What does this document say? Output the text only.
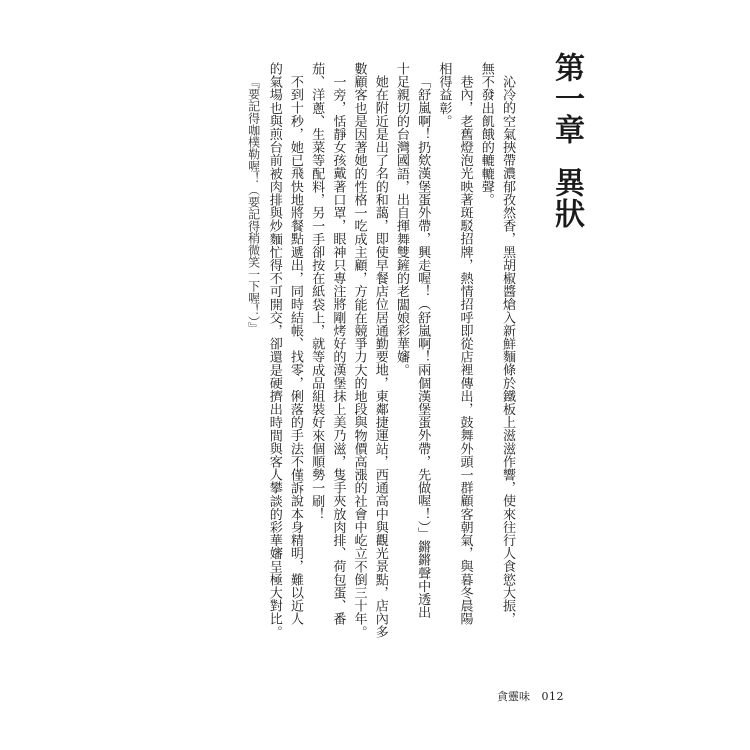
第一章異狀
沁冷的空氣挾帶濃郁孜然香，黑胡椒醬熗入新鮮麵條於鐵板上滋滋作響，使來往行人食慾大振，
無不發出飢餓的轆轆聲。
巷內，老舊燈泡光映著斑駁招牌，熱情招呼即從店裡傳出，鼓舞外頭一群顧客朝氣，與暮冬晨陽
相得益彰。
「舒嵐啊！扔欸漢堡蛋外帶，興走喔！（舒嵐啊！兩個漢堡蛋外帶，先做喔！）」鏘鏘聲中透出
十足親切的台灣國語，出自揮舞雙鏟的老闆娘彩華嬸。
她在附近是出了名的和藹，即使早餐店位居通勤要地，東鄰捷運站，西通高中與觀光景點，店內多
數顧客也是因著她的性格一吃成主顧，方能在競爭力大的地段與物價高漲的社會中屹立不倒三十年。
一旁，恬靜女孩戴著口罩，眼神只專注將剛烤好的漢堡抹上美乃滋，隻手夾放肉排、荷包蛋、番
茄、洋蔥、生菜等配料，另一手卻按在紙袋上，就等成品組裝好來個順勢一刷！
不到十秒，她已飛快地將餐點遞出，同時結帳、找零，俐落的手法不僅訴說本身精明，難以近人
的氣場也與煎台前被肉排與炒麵忙得不可開交，卻還是硬擠出時間與客人攀談的彩華嬸呈極大對比。
『要記得咖樸勒喔！（要記得稍微笑一下喔！）』
貪靈味 012
